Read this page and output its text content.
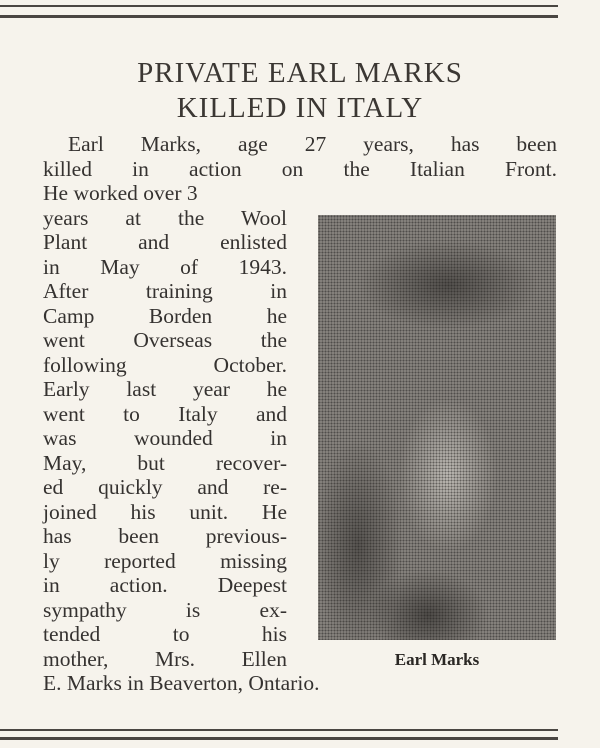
PRIVATE EARL MARKS
KILLED IN ITALY
Earl Marks, age 27 years, has been
killed in action on the Italian Front.
He worked over 3
years at the Wool
Plant and enlisted
in May of 1943.
After training in
Camp Borden he
went Overseas the
following October.
Early last year he
went to Italy and
was wounded in
May, but recover-
ed quickly and re-
joined his unit. He
has been previous-
ly reported missing
in action. Deepest
sympathy is ex-
tended to his
mother, Mrs. Ellen
E. Marks in Beaverton, Ontario.
Earl Marks
